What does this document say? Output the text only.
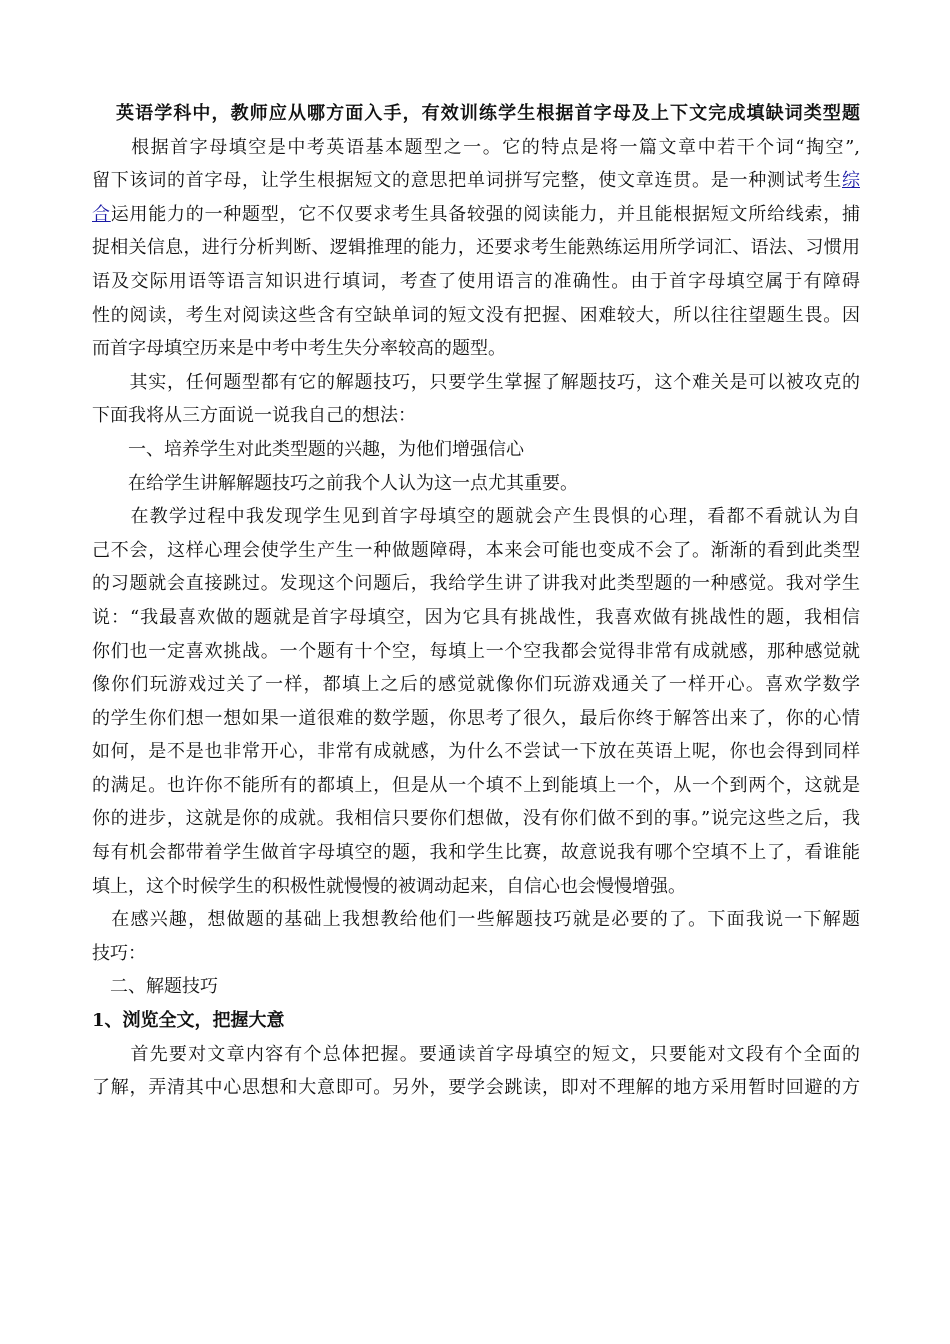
英语学科中，教师应从哪方面入手，有效训练学生根据首字母及上下文完成填缺词类型题
　　根据首字母填空是中考英语基本题型之一。它的特点是将一篇文章中若干个词“掏空”,
留下该词的首字母，让学生根据短文的意思把单词拼写完整，使文章连贯。是一种测试考生综
合运用能力的一种题型，它不仅要求考生具备较强的阅读能力，并且能根据短文所给线索，捕
捉相关信息，进行分析判断、逻辑推理的能力，还要求考生能熟练运用所学词汇、语法、习惯用
语及交际用语等语言知识进行填词，考查了使用语言的准确性。由于首字母填空属于有障碍
性的阅读，考生对阅读这些含有空缺单词的短文没有把握、困难较大，所以往往望题生畏。因
而首字母填空历来是中考中考生失分率较高的题型。
　　其实，任何题型都有它的解题技巧，只要学生掌握了解题技巧，这个难关是可以被攻克的
下面我将从三方面说一说我自己的想法：
　　一、培养学生对此类型题的兴趣，为他们增强信心
　　在给学生讲解解题技巧之前我个人认为这一点尤其重要。
　　在教学过程中我发现学生见到首字母填空的题就会产生畏惧的心理，看都不看就认为自
己不会，这样心理会使学生产生一种做题障碍，本来会可能也变成不会了。渐渐的看到此类型
的习题就会直接跳过。发现这个问题后，我给学生讲了讲我对此类型题的一种感觉。我对学生
说：“我最喜欢做的题就是首字母填空，因为它具有挑战性，我喜欢做有挑战性的题，我相信
你们也一定喜欢挑战。一个题有十个空，每填上一个空我都会觉得非常有成就感，那种感觉就
像你们玩游戏过关了一样，都填上之后的感觉就像你们玩游戏通关了一样开心。喜欢学数学
的学生你们想一想如果一道很难的数学题，你思考了很久，最后你终于解答出来了，你的心情
如何，是不是也非常开心，非常有成就感，为什么不尝试一下放在英语上呢，你也会得到同样
的满足。也许你不能所有的都填上，但是从一个填不上到能填上一个，从一个到两个，这就是
你的进步，这就是你的成就。我相信只要你们想做，没有你们做不到的事。”说完这些之后，我
每有机会都带着学生做首字母填空的题，我和学生比赛，故意说我有哪个空填不上了，看谁能
填上，这个时候学生的积极性就慢慢的被调动起来，自信心也会慢慢增强。
　在感兴趣，想做题的基础上我想教给他们一些解题技巧就是必要的了。下面我说一下解题
技巧：
　二、解题技巧
1、浏览全文，把握大意
　　首先要对文章内容有个总体把握。要通读首字母填空的短文，只要能对文段有个全面的
了解，弄清其中心思想和大意即可。另外，要学会跳读，即对不理解的地方采用暂时回避的方
